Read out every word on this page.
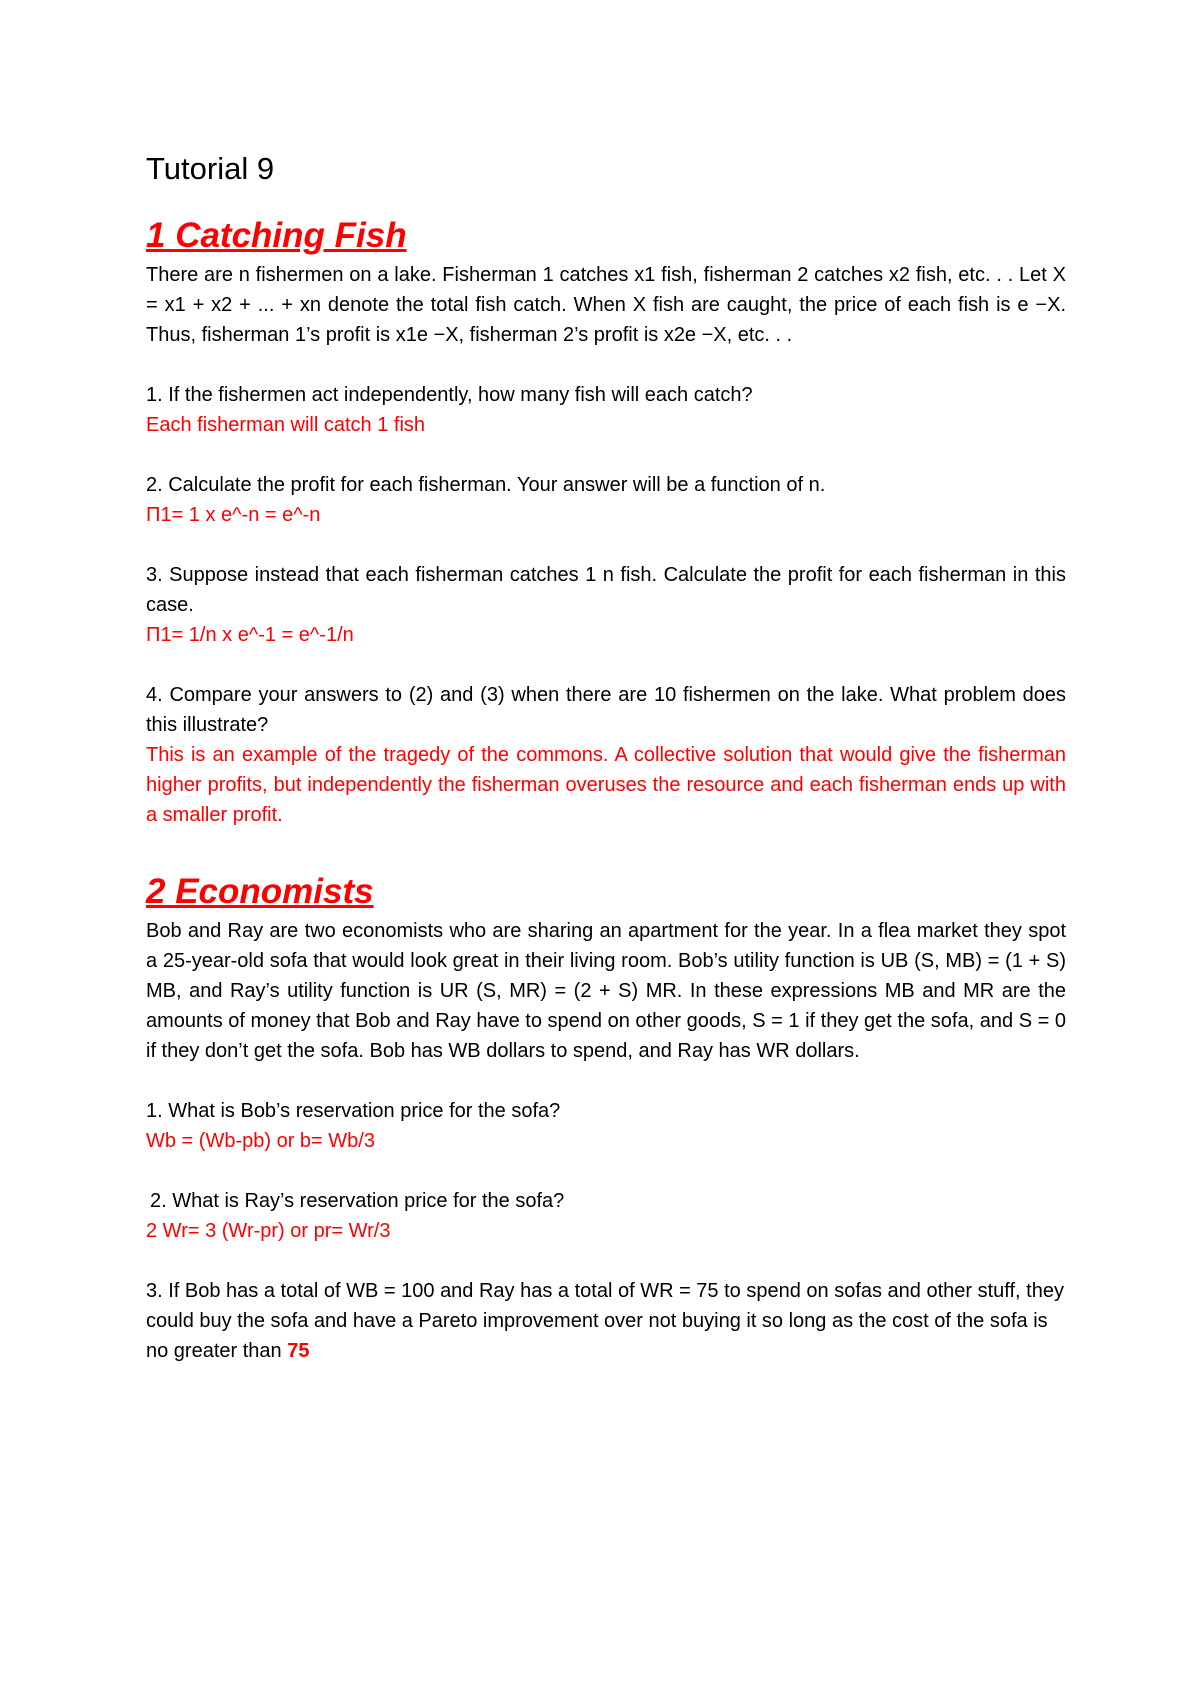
Tutorial 9
1 Catching Fish

There are n fishermen on a lake. Fisherman 1 catches x1 fish, fisherman 2 catches x2 fish, etc. . . Let X = x1 + x2 + ... + xn denote the total fish catch. When X fish are caught, the price of each fish is e −X. Thus, fisherman 1’s profit is x1e −X, fisherman 2’s profit is x2e −X, etc. . .

1. If the fishermen act independently, how many fish will each catch?

Each fisherman will catch 1 fish

2. Calculate the profit for each fisherman. Your answer will be a function of n.

Π1= 1 x e^-n = e^-n

3. Suppose instead that each fisherman catches 1 n fish. Calculate the profit for each fisherman in this case.

Π1= 1/n x e^-1 = e^-1/n

4. Compare your answers to (2) and (3) when there are 10 fishermen on the lake. What problem does this illustrate?

This is an example of the tragedy of the commons. A collective solution that would give the fisherman higher profits, but independently the fisherman overuses the resource and each fisherman ends up with a smaller profit.

2 Economists

Bob and Ray are two economists who are sharing an apartment for the year. In a flea market they spot a 25-year-old sofa that would look great in their living room. Bob’s utility function is UB (S, MB) = (1 + S) MB, and Ray’s utility function is UR (S, MR) = (2 + S) MR. In these expressions MB and MR are the amounts of money that Bob and Ray have to spend on other goods, S = 1 if they get the sofa, and S = 0 if they don’t get the sofa. Bob has WB dollars to spend, and Ray has WR dollars.

1. What is Bob’s reservation price for the sofa?

Wb = (Wb-pb) or b= Wb/3

2. What is Ray’s reservation price for the sofa?

2 Wr= 3 (Wr-pr) or pr= Wr/3

3. If Bob has a total of WB = 100 and Ray has a total of WR = 75 to spend on sofas and other stuff, they could buy the sofa and have a Pareto improvement over not buying it so long as the cost of the sofa is no greater than 75
